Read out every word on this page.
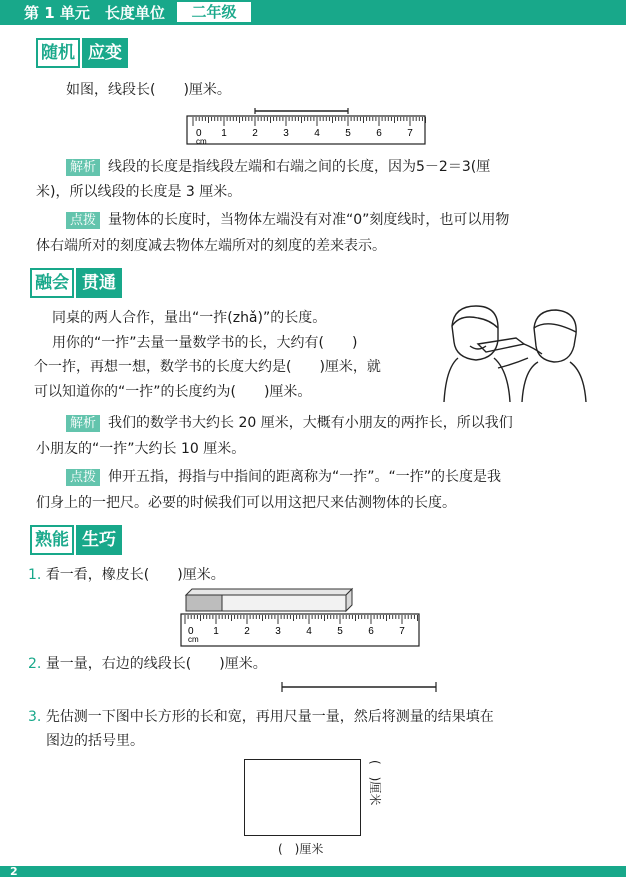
第 1 单元　长度单位	二年级
随机 应变
如图，线段长(　　)厘米。
0 1	2	3	4	5	6	7
cm
解析 线段的长度是指线段左端和右端之间的长度，因为5－2＝3(厘
米)，所以线段的长度是 3 厘米。
点拨 量物体的长度时，当物体左端没有对准“0”刻度线时，也可以用物
体右端所对的刻度减去物体左端所对的刻度的差来表示。
融会 贯通
同桌的两人合作，量出“一拃(zhǎ)”的长度。
用你的“一拃”去量一量数学书的长，大约有(　　)
个一拃，再想一想，数学书的长度大约是(　　)厘米，就
可以知道你的“一拃”的长度约为(　　)厘米。
解析 我们的数学书大约长 20 厘米，大概有小朋友的两拃长，所以我们
小朋友的“一拃”大约长 10 厘米。
点拨 伸开五指，拇指与中指间的距离称为“一拃”。“一拃”的长度是我
们身上的一把尺。必要的时候我们可以用这把尺来估测物体的长度。
熟能 生巧
1. 看一看，橡皮长(　　)厘米。
0 1	2	3	4	5	6	7
cm
2. 量一量，右边的线段长(　　)厘米。
3. 先估测一下图中长方形的长和宽，再用尺量一量，然后将测量的结果填在
图边的括号里。
(　)厘米
(　)厘米
2
